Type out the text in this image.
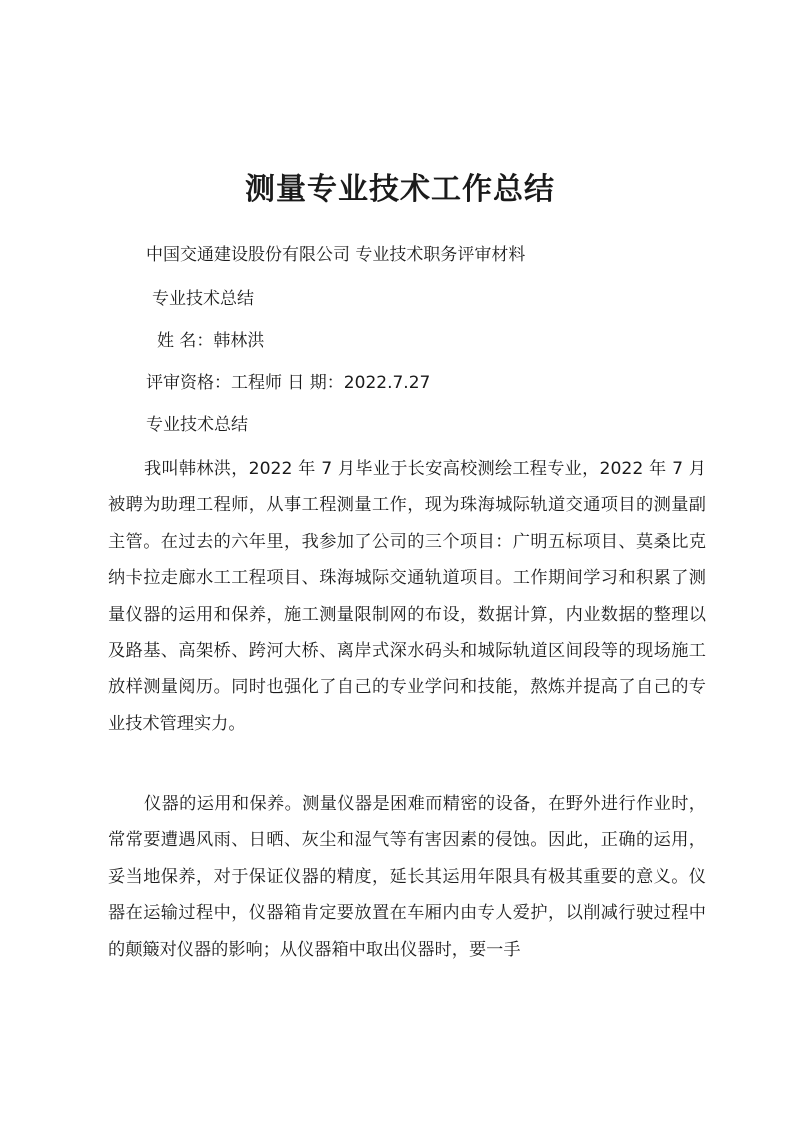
测量专业技术工作总结
中国交通建设股份有限公司 专业技术职务评审材料
专业技术总结
姓 名：韩林洪
评审资格：工程师 日 期：2022.7.27
专业技术总结

我叫韩林洪，2022 年 7 月毕业于长安高校测绘工程专业，2022 年 7 月被聘为助理工程师，从事工程测量工作，现为珠海城际轨道交通项目的测量副主管。在过去的六年里，我参加了公司的三个项目：广明五标项目、莫桑比克纳卡拉走廊水工工程项目、珠海城际交通轨道项目。工作期间学习和积累了测量仪器的运用和保养，施工测量限制网的布设，数据计算，内业数据的整理以及路基、高架桥、跨河大桥、离岸式深水码头和城际轨道区间段等的现场施工放样测量阅历。同时也强化了自己的专业学问和技能，熬炼并提高了自己的专业技术管理实力。

仪器的运用和保养。测量仪器是困难而精密的设备，在野外进行作业时，常常要遭遇风雨、日晒、灰尘和湿气等有害因素的侵蚀。因此，正确的运用，妥当地保养，对于保证仪器的精度，延长其运用年限具有极其重要的意义。仪器在运输过程中，仪器箱肯定要放置在车厢内由专人爱护，以削减行驶过程中的颠簸对仪器的影响；从仪器箱中取出仪器时，要一手
